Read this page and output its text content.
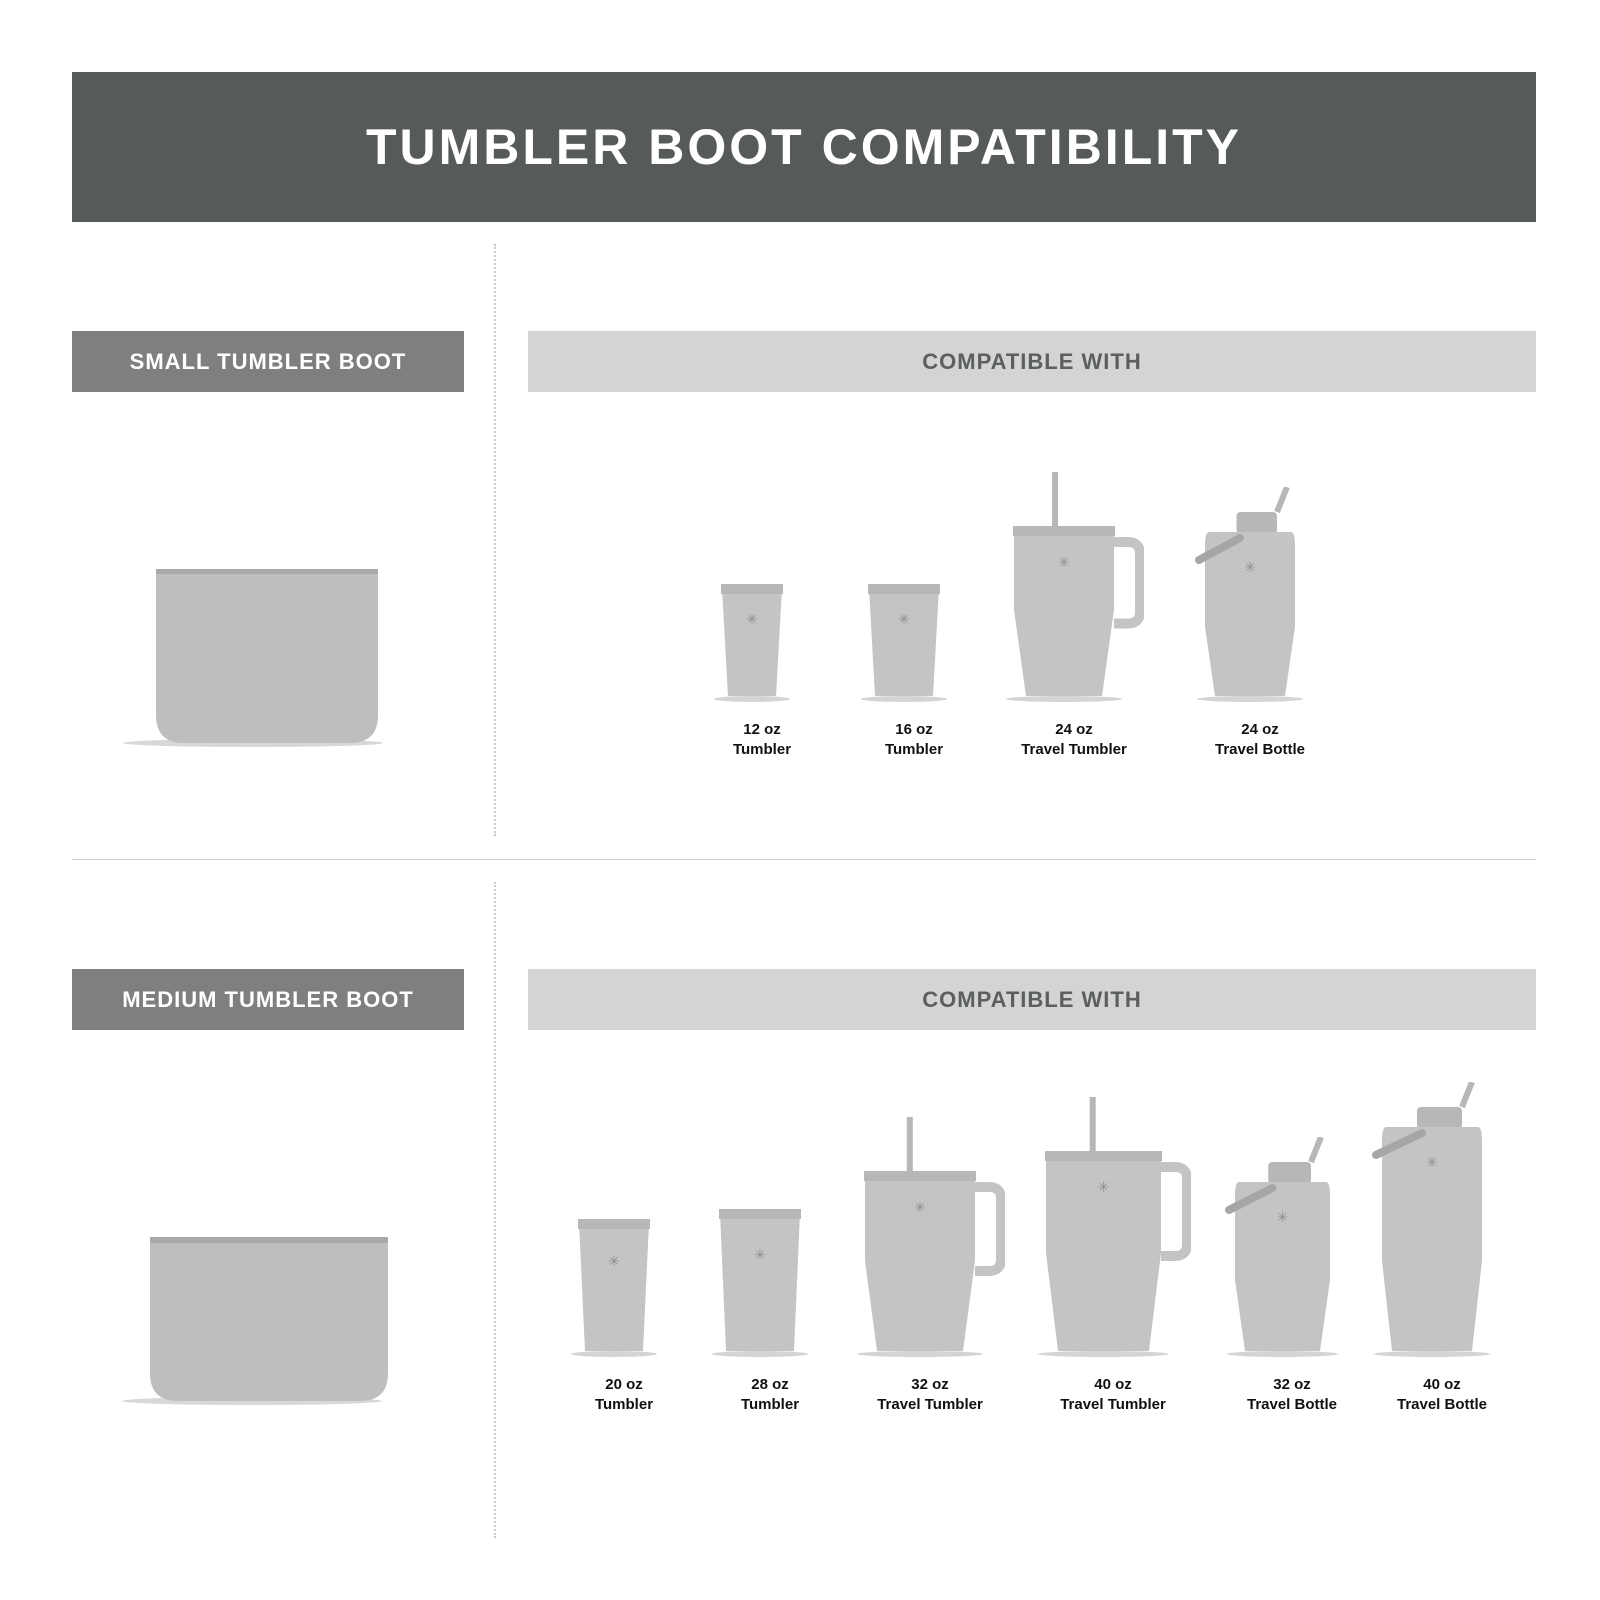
TUMBLER BOOT COMPATIBILITY
SMALL TUMBLER BOOT	COMPATIBLE WITH
✳
12 oz
Tumbler
✳
16 oz
Tumbler
✳
24 oz
Travel Tumbler
✳
24 oz
Travel Bottle
MEDIUM TUMBLER BOOT	COMPATIBLE WITH
✳
20 oz
Tumbler
✳
28 oz
Tumbler
✳
32 oz
Travel Tumbler
✳
40 oz
Travel Tumbler
✳
32 oz
Travel Bottle
✳
40 oz
Travel Bottle
